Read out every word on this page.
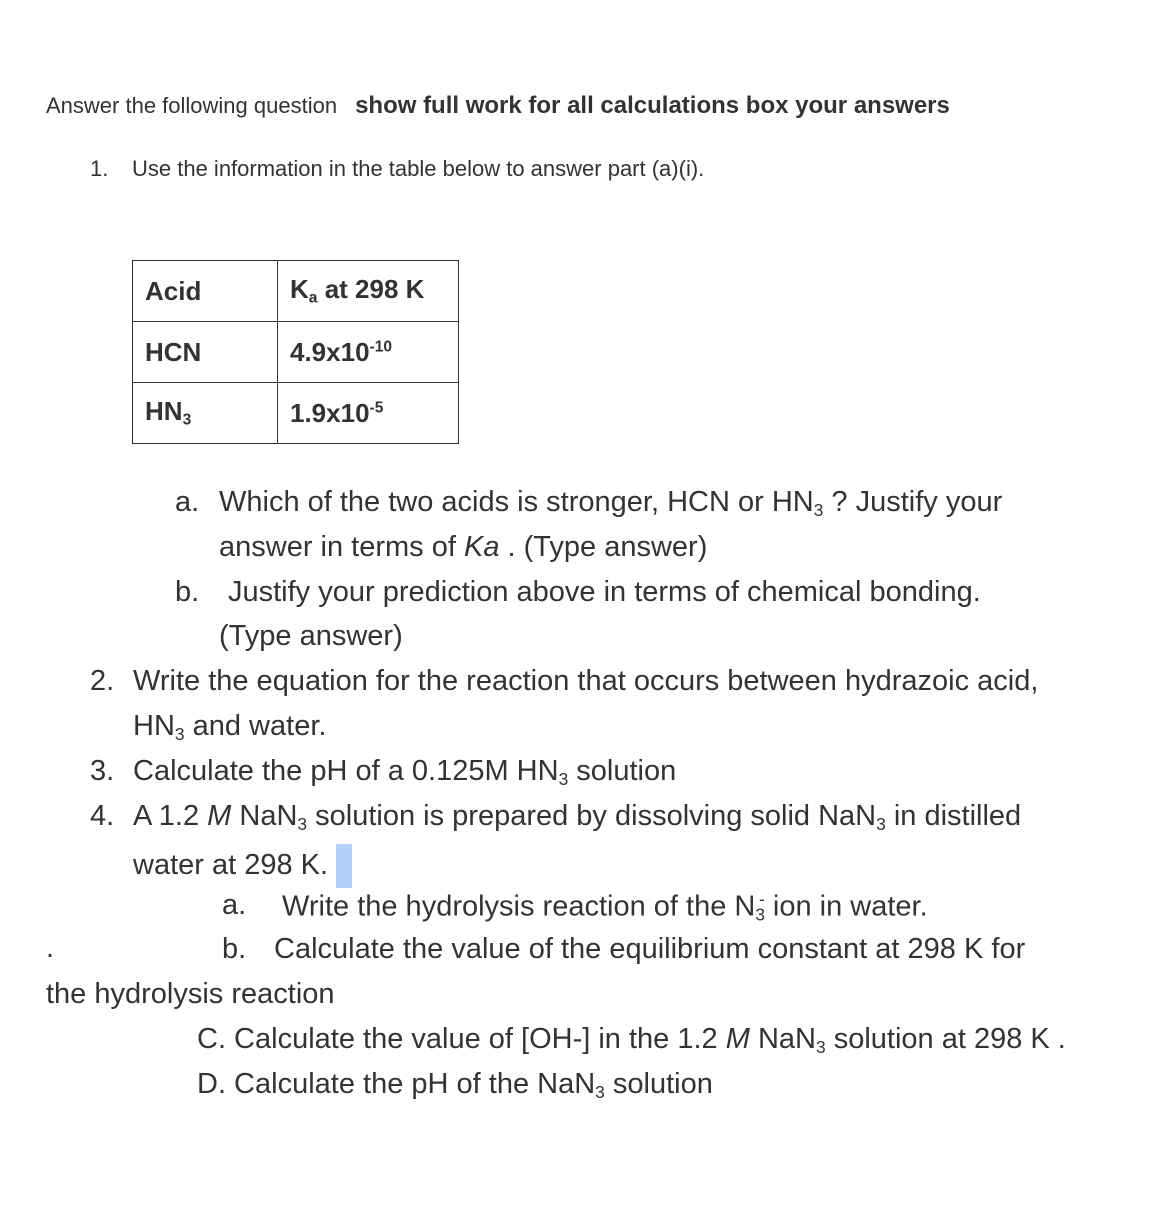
Answer the following question show full work for all calculations box your answers
1. Use the information in the table below to answer part (a)(i).
Acid	$K_a$ at 298 K
HCN	$4.9x10^{-10}$
$HN_3$	$1.9x10^{-5}$
a. Which of the two acids is stronger, HCN or $HN_3$ ? Justify your
answer in terms of Ka . (Type answer)
b. Justify your prediction above in terms of chemical bonding.
(Type answer)
2. Write the equation for the reaction that occurs between hydrazoic acid,
$HN_3$ and water.
3. Calculate the pH of a 0.125M $HN_3$ solution
4. A 1.2 M NaN$_3$ solution is prepared by dissolving solid NaN$_3$ in distilled
water at 298 K.
a. Write the hydrolysis reaction of the $N_3^-$ ion in water.
.	b. Calculate the value of the equilibrium constant at 298 K for
the hydrolysis reaction
C. Calculate the value of [OH-] in the 1.2 M NaN$_3$ solution at 298 K .
D. Calculate the pH of the NaN$_3$ solution
